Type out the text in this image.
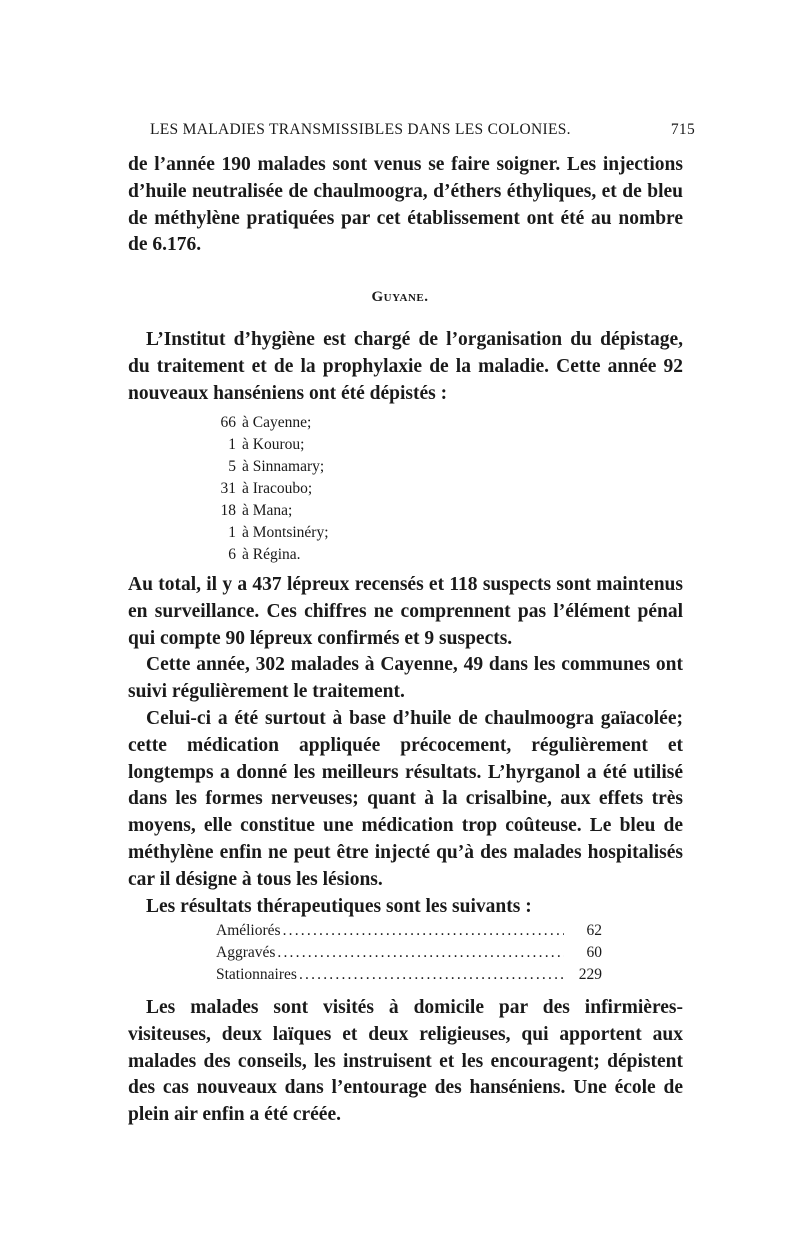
LES MALADIES TRANSMISSIBLES DANS LES COLONIES.	715

de l’année 190 malades sont venus se faire soigner. Les injections d’huile neutralisée de chaulmoogra, d’éthers éthyliques, et de bleu de méthylène pratiquées par cet établissement ont été au nombre de 6.176.

Guyane.

L’Institut d’hygiène est chargé de l’organisation du dépistage, du traitement et de la prophylaxie de la maladie. Cette année 92 nouveaux hanséniens ont été dépistés :

66 à Cayenne;
1 à Kourou;
5 à Sinnamary;
31 à Iracoubo;
18 à Mana;
1 à Montsinéry;
6 à Régina.

Au total, il y a 437 lépreux recensés et 118 suspects sont maintenus en surveillance. Ces chiffres ne comprennent pas l’élément pénal qui compte 90 lépreux confirmés et 9 suspects.

Cette année, 302 malades à Cayenne, 49 dans les communes ont suivi régulièrement le traitement.

Celui-ci a été surtout à base d’huile de chaulmoogra gaïacolée; cette médication appliquée précocement, régulièrement et longtemps a donné les meilleurs résultats. L’hyrganol a été utilisé dans les formes nerveuses; quant à la crisalbine, aux effets très moyens, elle constitue une médication trop coûteuse. Le bleu de méthylène enfin ne peut être injecté qu’à des malades hospitalisés car il désigne à tous les lésions.

Les résultats thérapeutiques sont les suivants :

Améliorés .....	62
Aggravés .....	60
Stationnaires .....	229

Les malades sont visités à domicile par des infirmières-visiteuses, deux laïques et deux religieuses, qui apportent aux malades des conseils, les instruisent et les encouragent; dépistent des cas nouveaux dans l’entourage des hanséniens. Une école de plein air enfin a été créée.
